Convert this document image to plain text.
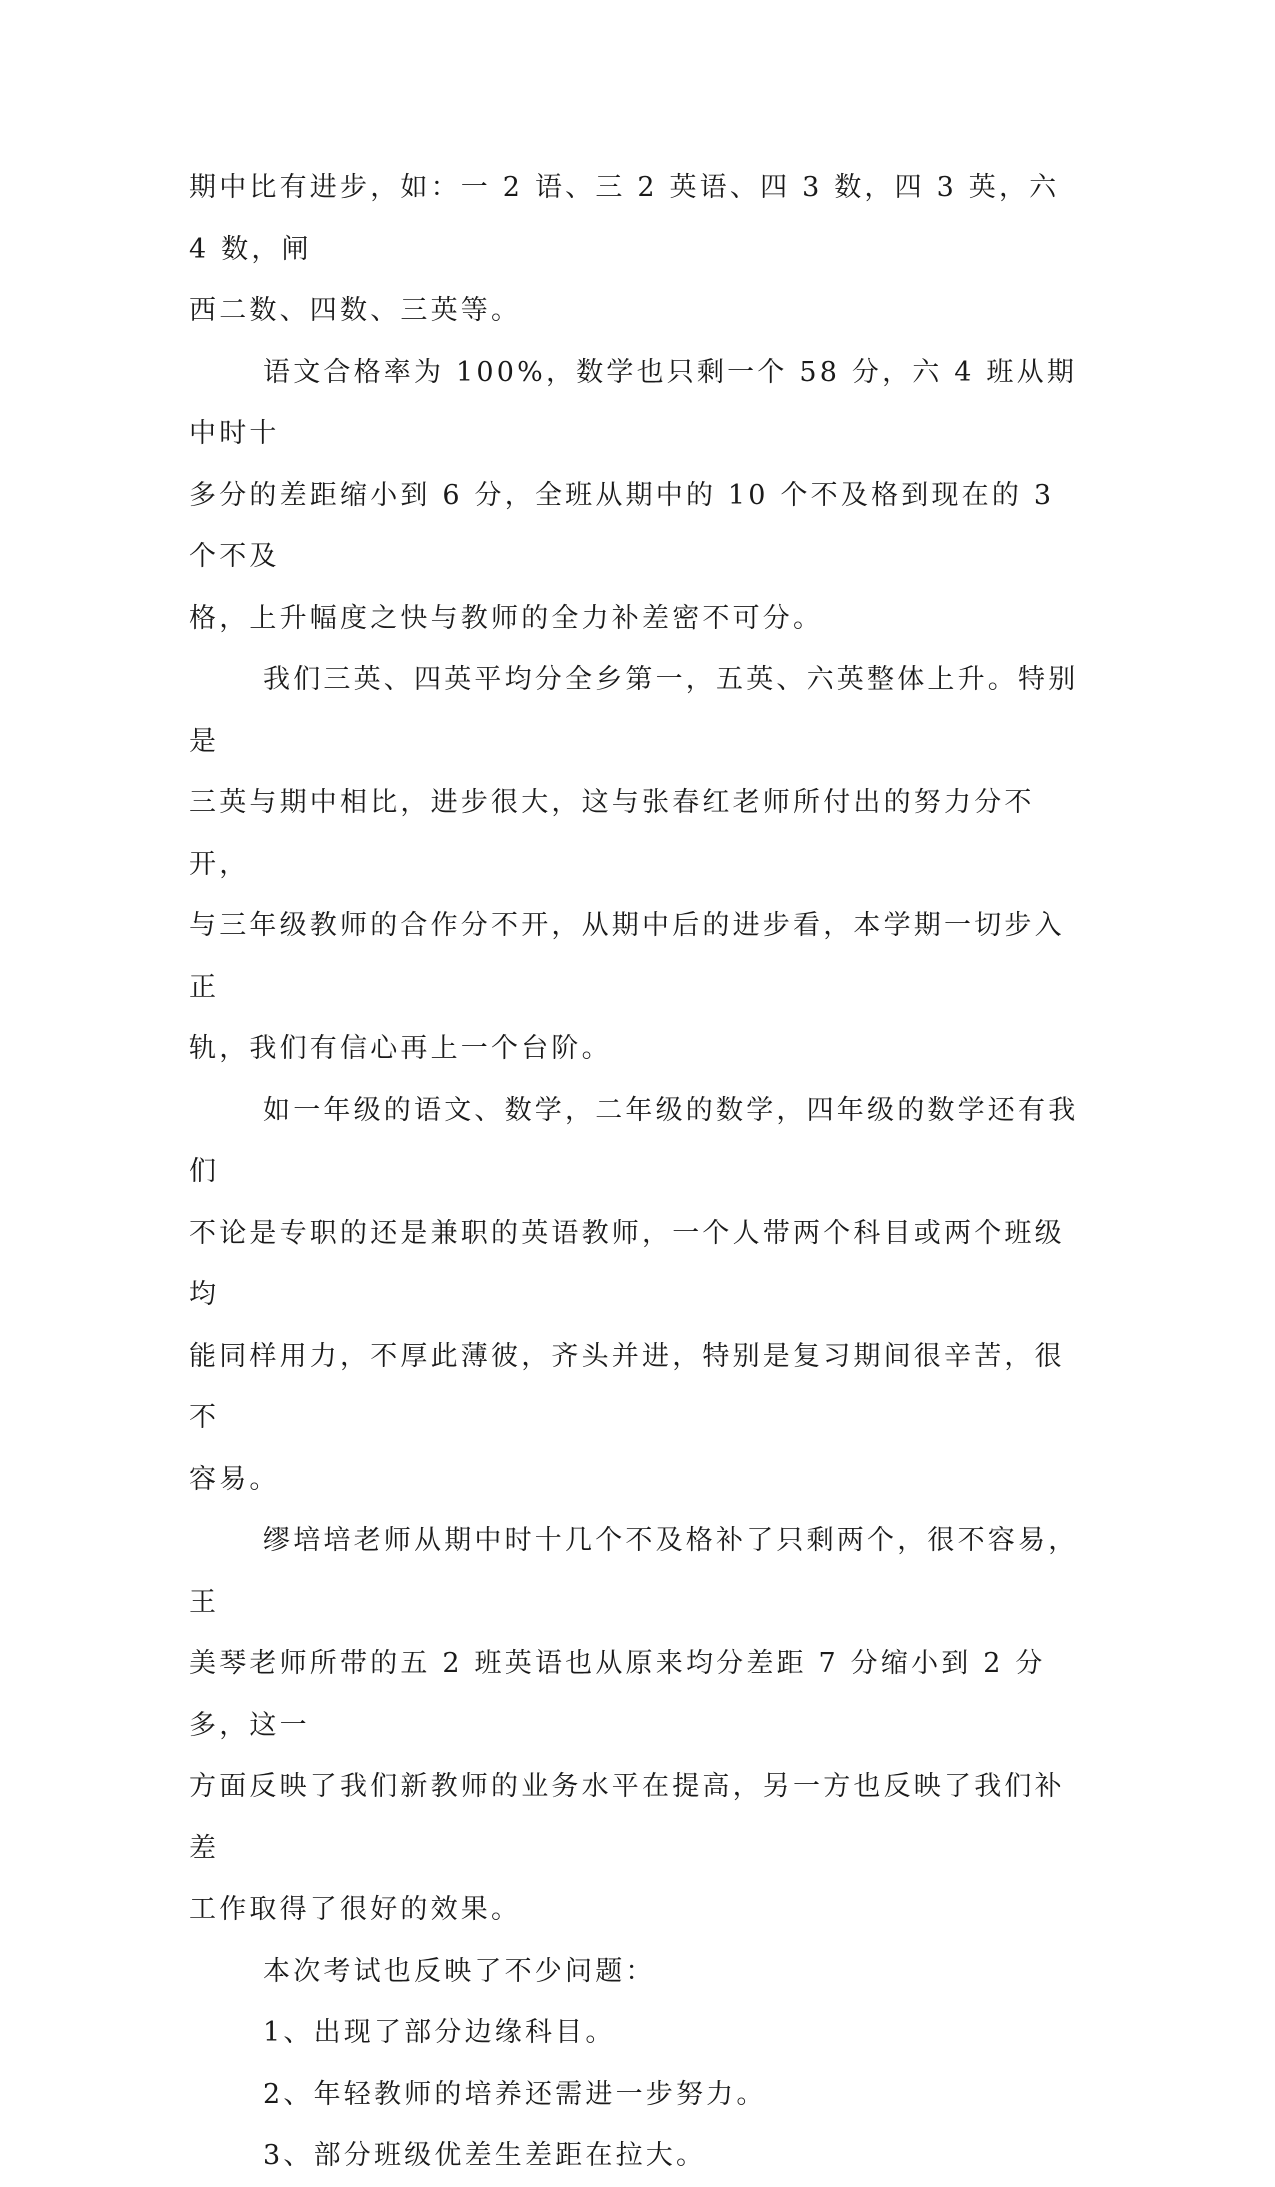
期中比有进步，如：一 2 语、三 2 英语、四 3 数，四 3 英，六 4 数，闸
西二数、四数、三英等。

语文合格率为 100%，数学也只剩一个 58 分，六 4 班从期中时十
多分的差距缩小到 6 分，全班从期中的 10 个不及格到现在的 3 个不及
格，上升幅度之快与教师的全力补差密不可分。

我们三英、四英平均分全乡第一，五英、六英整体上升。特别是
三英与期中相比，进步很大，这与张春红老师所付出的努力分不开，
与三年级教师的合作分不开，从期中后的进步看，本学期一切步入正
轨，我们有信心再上一个台阶。

如一年级的语文、数学，二年级的数学，四年级的数学还有我们
不论是专职的还是兼职的英语教师，一个人带两个科目或两个班级均
能同样用力，不厚此薄彼，齐头并进，特别是复习期间很辛苦，很不
容易。

缪培培老师从期中时十几个不及格补了只剩两个，很不容易，王
美琴老师所带的五 2 班英语也从原来均分差距 7 分缩小到 2 分多，这一
方面反映了我们新教师的业务水平在提高，另一方也反映了我们补差
工作取得了很好的效果。

本次考试也反映了不少问题：

1、出现了部分边缘科目。

2、年轻教师的培养还需进一步努力。

3、部分班级优差生差距在拉大。
